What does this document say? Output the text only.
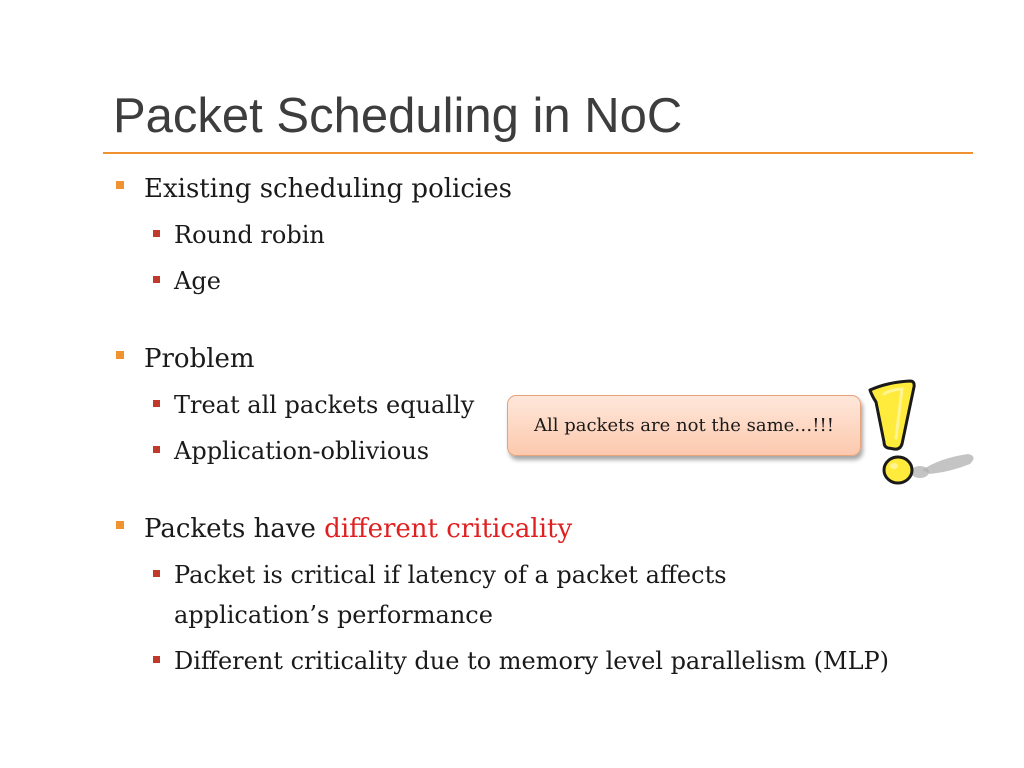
Packet Scheduling in NoC
Existing scheduling policies
Round robin
Age
Problem
Treat all packets equally
Application-oblivious
Packets have different criticality
Packet is critical if latency of a packet affects application’s performance
Different criticality due to memory level parallelism (MLP)
All packets are not the same…!!!
